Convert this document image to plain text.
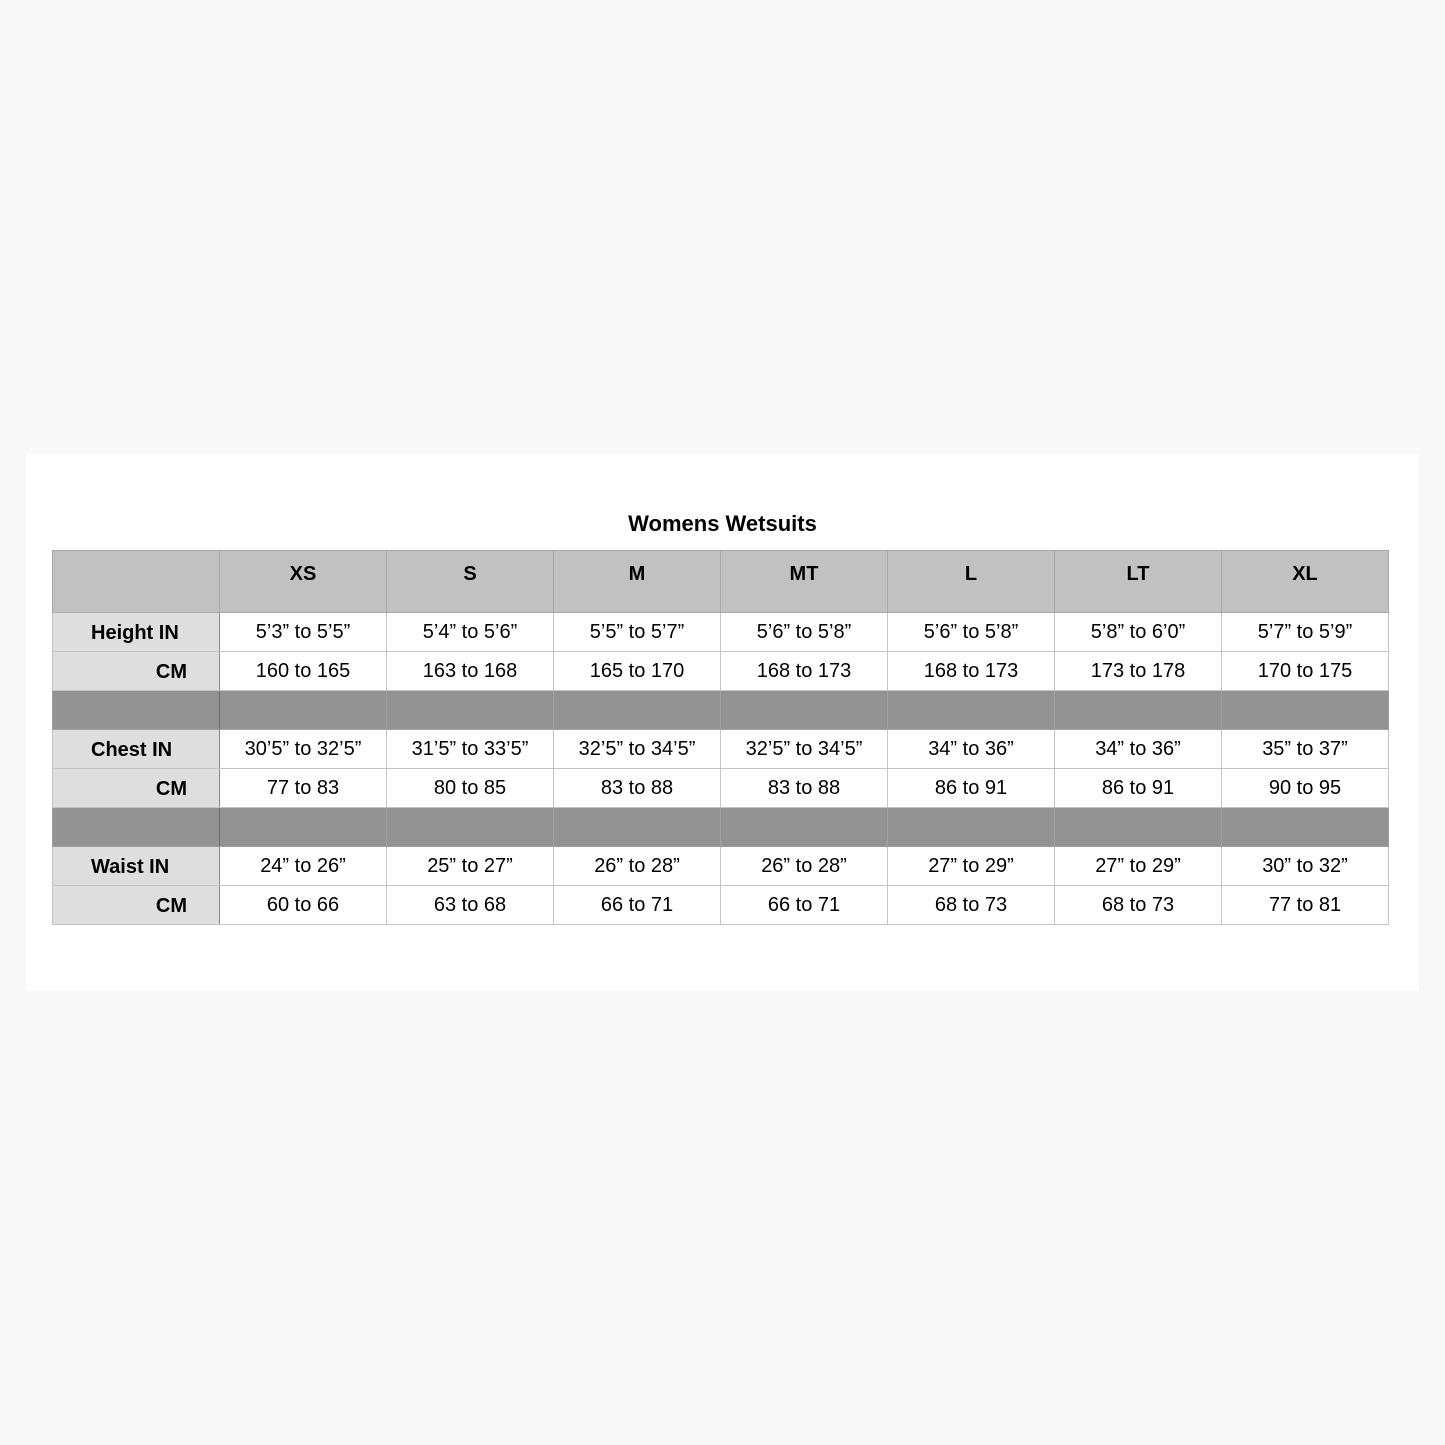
Womens Wetsuits
	XS	S	M	MT	L	LT	XL
Height IN	5’3” to 5’5”	5’4” to 5’6”	5’5” to 5’7”	5’6” to 5’8”	5’6” to 5’8”	5’8” to 6’0”	5’7” to 5’9”
CM	160 to 165	163 to 168	165 to 170	168 to 173	168 to 173	173 to 178	170 to 175

Chest IN	30’5” to 32’5”	31’5” to 33’5”	32’5” to 34’5”	32’5” to 34’5”	34” to 36”	34” to 36”	35” to 37”
CM	77 to 83	80 to 85	83 to 88	83 to 88	86 to 91	86 to 91	90 to 95

Waist IN	24” to 26”	25” to 27”	26” to 28”	26” to 28”	27” to 29”	27” to 29”	30” to 32”
CM	60 to 66	63 to 68	66 to 71	66 to 71	68 to 73	68 to 73	77 to 81
